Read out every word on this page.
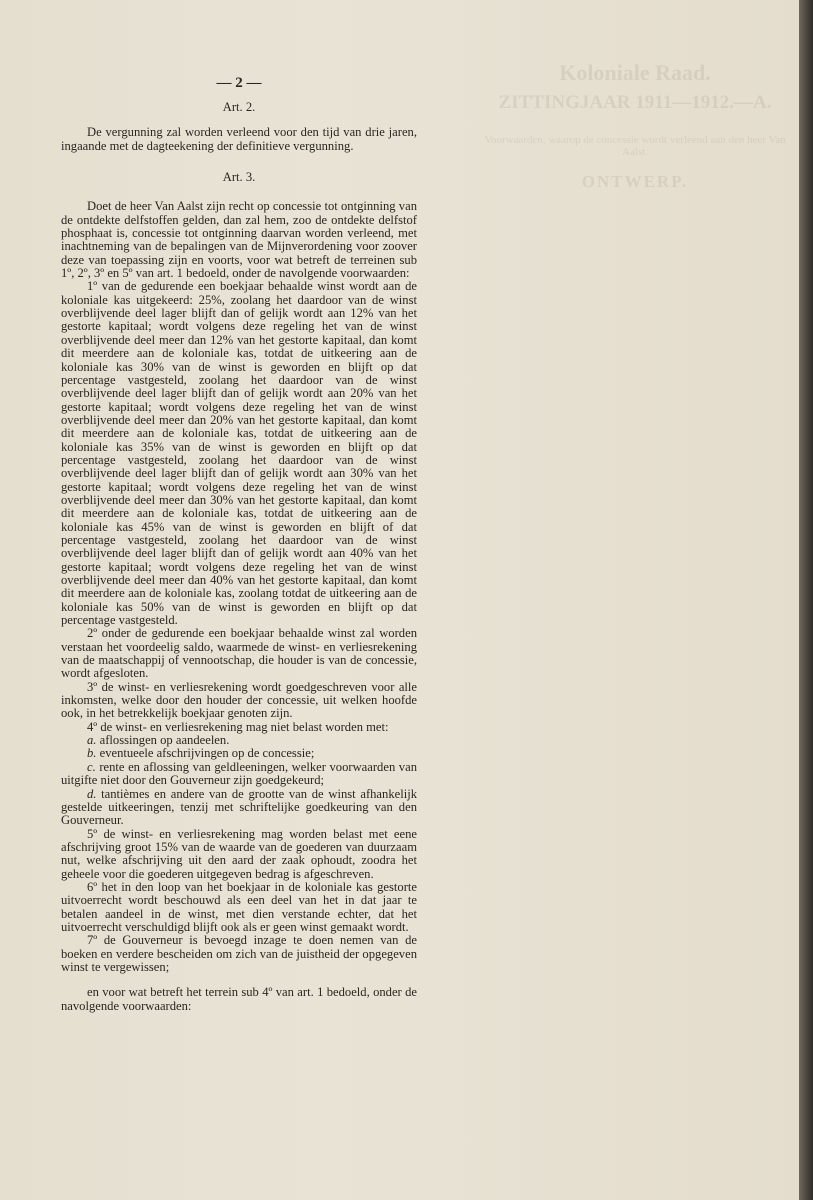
Koloniale Raad.
ZITTINGJAAR 1911—1912.—A.
Voorwaarden, waarop de concessie wordt verleend aan den heer Van Aalst.
ONTWERP.
— 2 —
Art. 2.

De vergunning zal worden verleend voor den tijd van drie jaren, ingaande met de dagteekening der definitieve vergunning.

Art. 3.

Doet de heer Van Aalst zijn recht op concessie tot ontginning van de ontdekte delfstoffen gelden, dan zal hem, zoo de ontdekte delfstof phosphaat is, concessie tot ontginning daarvan worden verleend, met inachtneming van de bepalingen van de Mijnverordening voor zoover deze van toepassing zijn en voorts, voor wat betreft de terreinen sub 1º, 2º, 3º en 5º van art. 1 bedoeld, onder de navolgende voorwaarden:

1º van de gedurende een boekjaar behaalde winst wordt aan de koloniale kas uitgekeerd: 25%, zoolang het daardoor van de winst overblijvende deel lager blijft dan of gelijk wordt aan 12% van het gestorte kapitaal; wordt volgens deze regeling het van de winst overblijvende deel meer dan 12% van het gestorte kapitaal, dan komt dit meerdere aan de koloniale kas, totdat de uitkeering aan de koloniale kas 30% van de winst is geworden en blijft op dat percentage vastgesteld, zoolang het daardoor van de winst overblijvende deel lager blijft dan of gelijk wordt aan 20% van het gestorte kapitaal; wordt volgens deze regeling het van de winst overblijvende deel meer dan 20% van het gestorte kapitaal, dan komt dit meerdere aan de koloniale kas, totdat de uitkeering aan de koloniale kas 35% van de winst is geworden en blijft op dat percentage vastgesteld, zoolang het daardoor van de winst overblijvende deel lager blijft dan of gelijk wordt aan 30% van het gestorte kapitaal; wordt volgens deze regeling het van de winst overblijvende deel meer dan 30% van het gestorte kapitaal, dan komt dit meerdere aan de koloniale kas, totdat de uitkeering aan de koloniale kas 45% van de winst is geworden en blijft of dat percentage vastgesteld, zoolang het daardoor van de winst overblijvende deel lager blijft dan of gelijk wordt aan 40% van het gestorte kapitaal; wordt volgens deze regeling het van de winst overblijvende deel meer dan 40% van het gestorte kapitaal, dan komt dit meerdere aan de koloniale kas, zoolang totdat de uitkeering aan de koloniale kas 50% van de winst is geworden en blijft op dat percentage vastgesteld.

2º onder de gedurende een boekjaar behaalde winst zal worden verstaan het voordeelig saldo, waarmede de winst- en verliesrekening van de maatschappij of vennootschap, die houder is van de concessie, wordt afgesloten.

3º de winst- en verliesrekening wordt goedgeschreven voor alle inkomsten, welke door den houder der concessie, uit welken hoofde ook, in het betrekkelijk boekjaar genoten zijn.

4º de winst- en verliesrekening mag niet belast worden met:

a. aflossingen op aandeelen.

b. eventueele afschrijvingen op de concessie;

c. rente en aflossing van geldleeningen, welker voorwaarden van uitgifte niet door den Gouverneur zijn goedgekeurd;

d. tantièmes en andere van de grootte van de winst afhankelijk gestelde uitkeeringen, tenzij met schriftelijke goedkeuring van den Gouverneur.

5º de winst- en verliesrekening mag worden belast met eene afschrijving groot 15% van de waarde van de goederen van duurzaam nut, welke afschrijving uit den aard der zaak ophoudt, zoodra het geheele voor die goederen uitgegeven bedrag is afgeschreven.

6º het in den loop van het boekjaar in de koloniale kas gestorte uitvoerrecht wordt beschouwd als een deel van het in dat jaar te betalen aandeel in de winst, met dien verstande echter, dat het uitvoerrecht verschuldigd blijft ook als er geen winst gemaakt wordt.

7º de Gouverneur is bevoegd inzage te doen nemen van de boeken en verdere bescheiden om zich van de juistheid der opgegeven winst te vergewissen;

en voor wat betreft het terrein sub 4º van art. 1 bedoeld, onder de navolgende voorwaarden:
